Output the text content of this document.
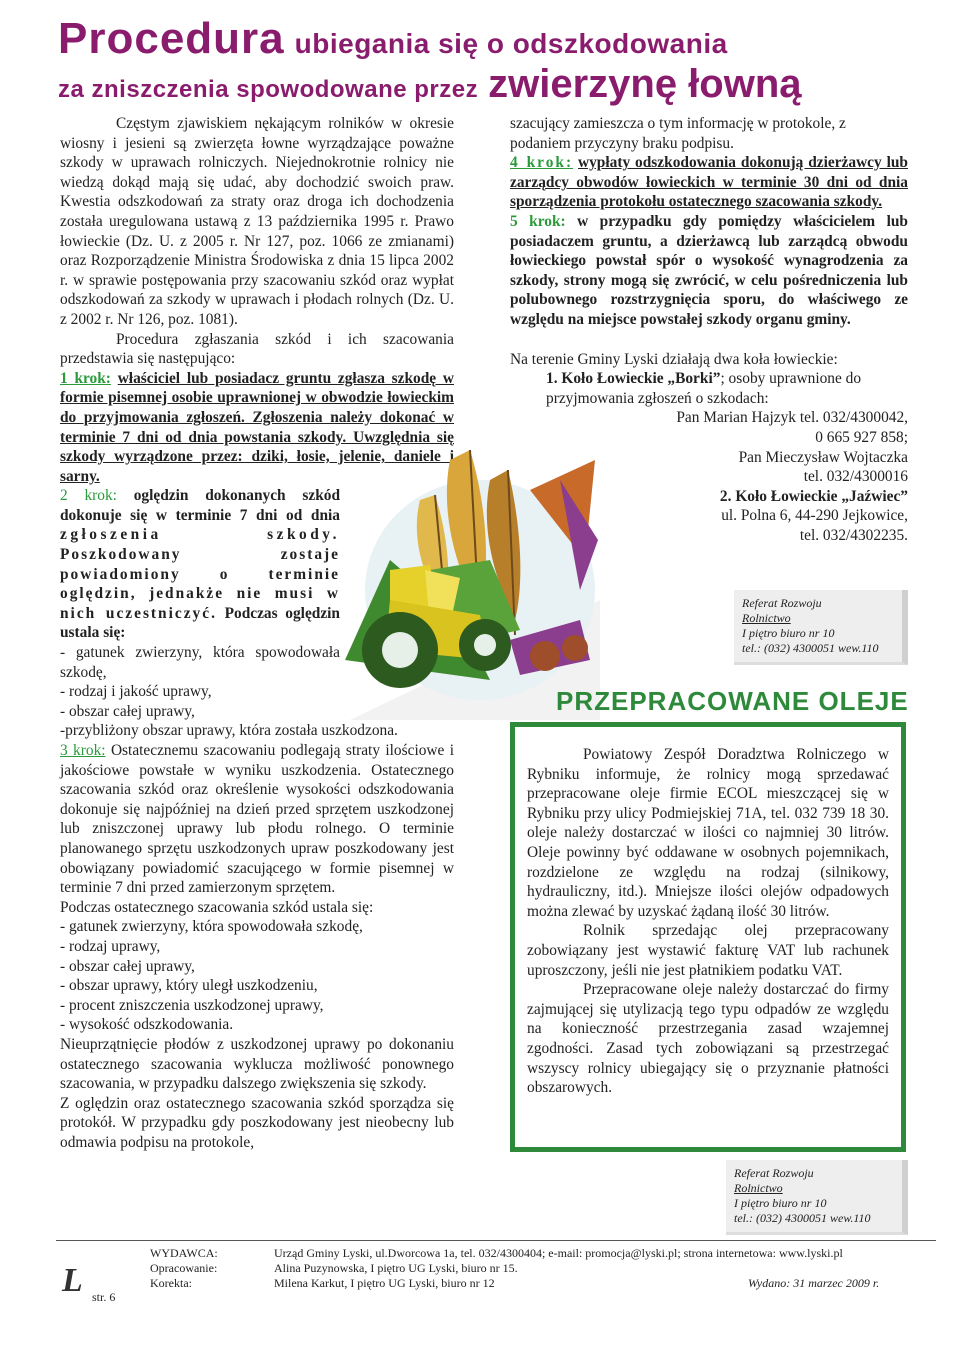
Procedura ubiegania się o odszkodowania
za zniszczenia spowodowane przez zwierzynę łowną

Częstym zjawiskiem nękającym rolników w okresie wiosny i jesieni są zwierzęta łowne wyrządzające poważne szkody w uprawach rolniczych. Niejednokrotnie rolnicy nie wiedzą dokąd mają się udać, aby dochodzić swoich praw. Kwestia odszkodowań za straty oraz droga ich dochodzenia została uregulowana ustawą z 13 października 1995 r. Prawo łowieckie (Dz. U. z 2005 r. Nr 127, poz. 1066 ze zmianami) oraz Rozporządzenie Ministra Środowiska z dnia 15 lipca 2002 r. w sprawie postępowania przy szacowaniu szkód oraz wypłat odszkodowań za szkody w uprawach i płodach rolnych (Dz. U. z 2002 r. Nr 126, poz. 1081).

Procedura zgłaszania szkód i ich szacowania przedstawia się następująco:

1 krok: właściciel lub posiadacz gruntu zgłasza szkodę w formie pisemnej osobie uprawnionej w obwodzie łowieckim do przyjmowania zgłoszeń. Zgłoszenia należy dokonać w terminie 7 dni od dnia powstania szkody. Uwzględnia się szkody wyrządzone przez: dziki, łosie, jelenie, daniele i sarny.

2 krok: oględzin dokonanych szkód dokonuje się w terminie 7 dni od dnia zgłoszenia szkody. Poszkodowany zostaje powiadomiony o terminie oględzin, jednakże nie musi w nich uczestniczyć. Podczas oględzin ustala się:

- gatunek zwierzyny, która spowodowała szkodę,

- rodzaj i jakość uprawy,

- obszar całej uprawy,

-przybliżony obszar uprawy, która została uszkodzona.

3 krok: Ostatecznemu szacowaniu podlegają straty ilościowe i jakościowe powstałe w wyniku uszkodzenia. Ostatecznego szacowania szkód oraz określenie wysokości odszkodowania dokonuje się najpóźniej na dzień przed sprzętem uszkodzonej lub zniszczonej uprawy lub płodu rolnego. O terminie planowanego sprzętu uszkodzonych upraw poszkodowany jest obowiązany powiadomić szacującego w formie pisemnej w terminie 7 dni przed zamierzonym sprzętem.

Podczas ostatecznego szacowania szkód ustala się:

- gatunek zwierzyny, która spowodowała szkodę,

- rodzaj uprawy,

- obszar całej uprawy,

- obszar uprawy, który uległ uszkodzeniu,

- procent zniszczenia uszkodzonej uprawy,

- wysokość odszkodowania.

Nieuprzątnięcie płodów z uszkodzonej uprawy po dokonaniu ostatecznego szacowania wyklucza możliwość ponownego szacowania, w przypadku dalszego zwiększenia się szkody.

Z oględzin oraz ostatecznego szacowania szkód sporządza się protokół. W przypadku gdy poszkodowany jest nieobecny lub odmawia podpisu na protokole,

szacujący zamieszcza o tym informację w protokole, z podaniem przyczyny braku podpisu.

4 krok: wypłaty odszkodowania dokonują dzierżawcy lub zarządcy obwodów łowieckich w terminie 30 dni od dnia sporządzenia protokołu ostatecznego szacowania szkody.

5 krok: w przypadku gdy pomiędzy właścicielem lub posiadaczem gruntu, a dzierżawcą lub zarządcą obwodu łowieckiego powstał spór o wysokość wynagrodzenia za szkody, strony mogą się zwrócić, w celu pośredniczenia lub polubownego rozstrzygnięcia sporu, do właściwego ze względu na miejsce powstałej szkody organu gminy.

Na terenie Gminy Lyski działają dwa koła łowieckie:

1. Koło Łowieckie „Borki”; osoby uprawnione do przyjmowania zgłoszeń o szkodach:

Pan Marian Hajzyk tel. 032/4300042,

0 665 927 858;

Pan Mieczysław Wojtaczka

tel. 032/4300016

2. Koło Łowieckie „Jaźwiec”

ul. Polna 6, 44-290 Jejkowice,

tel. 032/4302235.

Referat Rozwoju
Rolnictwo
I piętro biuro nr 10
tel.: (032) 4300051 wew.110
PRZEPRACOWANE OLEJE

Powiatowy Zespół Doradztwa Rolniczego w Rybniku informuje, że rolnicy mogą sprzedawać przepracowane oleje firmie ECOL mieszczącej się w Rybniku przy ulicy Podmiejskiej 71A, tel. 032 739 18 30. oleje należy dostarczać w ilości co najmniej 30 litrów. Oleje powinny być oddawane w osobnych pojemnikach, rozdzielone ze względu na rodzaj (silnikowy, hydrauliczny, itd.). Mniejsze ilości olejów odpadowych można zlewać by uzyskać żądaną ilość 30 litrów.

Rolnik sprzedając olej przepracowany zobowiązany jest wystawić fakturę VAT lub rachunek uproszczony, jeśli nie jest płatnikiem podatku VAT.

Przepracowane oleje należy dostarczać do firmy zajmującej się utylizacją tego typu odpadów ze względu na konieczność przestrzegania zasad wzajemnej zgodności. Zasad tych zobowiązani są przestrzegać wszyscy rolnicy ubiegający się o przyznanie płatności obszarowych.

Referat Rozwoju
Rolnictwo
I piętro biuro nr 10
tel.: (032) 4300051 wew.110
L str. 6
WYDAWCA:	Urząd Gminy Lyski, ul.Dworcowa 1a, tel. 032/4300404; e-mail: promocja@lyski.pl; strona internetowa: www.lyski.pl
Opracowanie:	Alina Puzynowska, I piętro UG Lyski, biuro nr 15.
Korekta:	Milena Karkut, I piętro UG Lyski, biuro nr 12	Wydano: 31 marzec 2009 r.
